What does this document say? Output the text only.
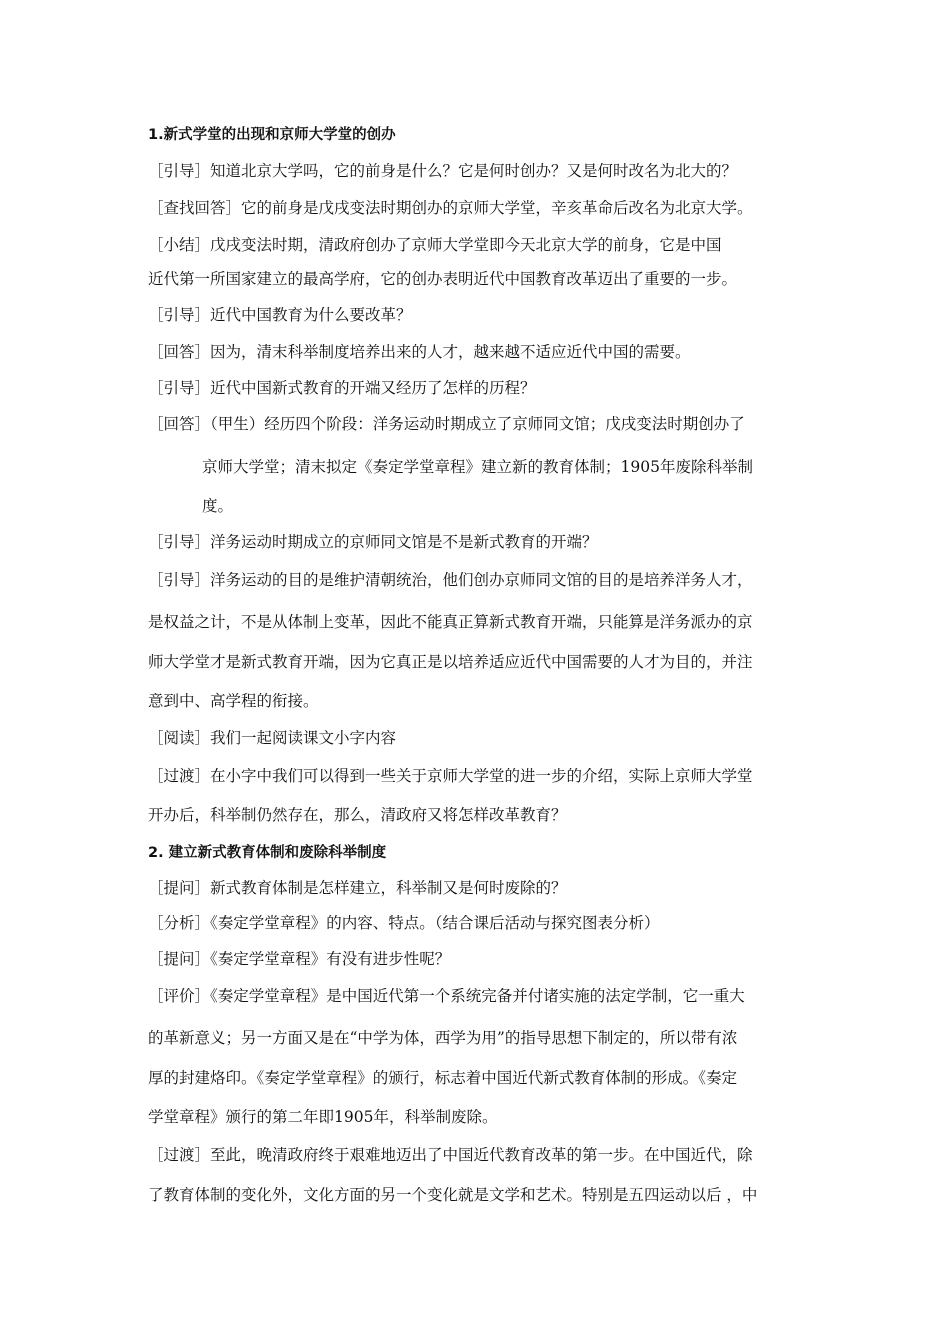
1.新式学堂的出现和京师大学堂的创办
［引导］知道北京大学吗，它的前身是什么？它是何时创办？又是何时改名为北大的？
［查找回答］它的前身是戊戌变法时期创办的京师大学堂，辛亥革命后改名为北京大学。
［小结］戊戌变法时期，清政府创办了京师大学堂即今天北京大学的前身，它是中国
近代第一所国家建立的最高学府，它的创办表明近代中国教育改革迈出了重要的一步。
［引导］近代中国教育为什么要改革？
［回答］因为，清末科举制度培养出来的人才，越来越不适应近代中国的需要。
［引导］近代中国新式教育的开端又经历了怎样的历程？
［回答］（甲生）经历四个阶段：洋务运动时期成立了京师同文馆；戊戌变法时期创办了
京师大学堂；清末拟定《奏定学堂章程》建立新的教育体制；1905年废除科举制
度。
［引导］洋务运动时期成立的京师同文馆是不是新式教育的开端？
［引导］洋务运动的目的是维护清朝统治，他们创办京师同文馆的目的是培养洋务人才，
是权益之计，不是从体制上变革，因此不能真正算新式教育开端，只能算是洋务派办的京
师大学堂才是新式教育开端，因为它真正是以培养适应近代中国需要的人才为目的，并注
意到中、高学程的衔接。
［阅读］我们一起阅读课文小字内容
［过渡］在小字中我们可以得到一些关于京师大学堂的进一步的介绍，实际上京师大学堂
开办后，科举制仍然存在，那么，清政府又将怎样改革教育？
2. 建立新式教育体制和废除科举制度
［提问］新式教育体制是怎样建立，科举制又是何时废除的？
［分析］《奏定学堂章程》的内容、特点。（结合课后活动与探究图表分析）
［提问］《奏定学堂章程》有没有进步性呢？
［评价］《奏定学堂章程》是中国近代第一个系统完备并付诸实施的法定学制，它一重大
的革新意义；另一方面又是在“中学为体，西学为用”的指导思想下制定的，所以带有浓
厚的封建烙印。《奏定学堂章程》的颁行，标志着中国近代新式教育体制的形成。《奏定
学堂章程》颁行的第二年即1905年，科举制废除。
［过渡］至此，晚清政府终于艰难地迈出了中国近代教育改革的第一步。在中国近代，除
了教育体制的变化外，文化方面的另一个变化就是文学和艺术。特别是五四运动以后 ，中
